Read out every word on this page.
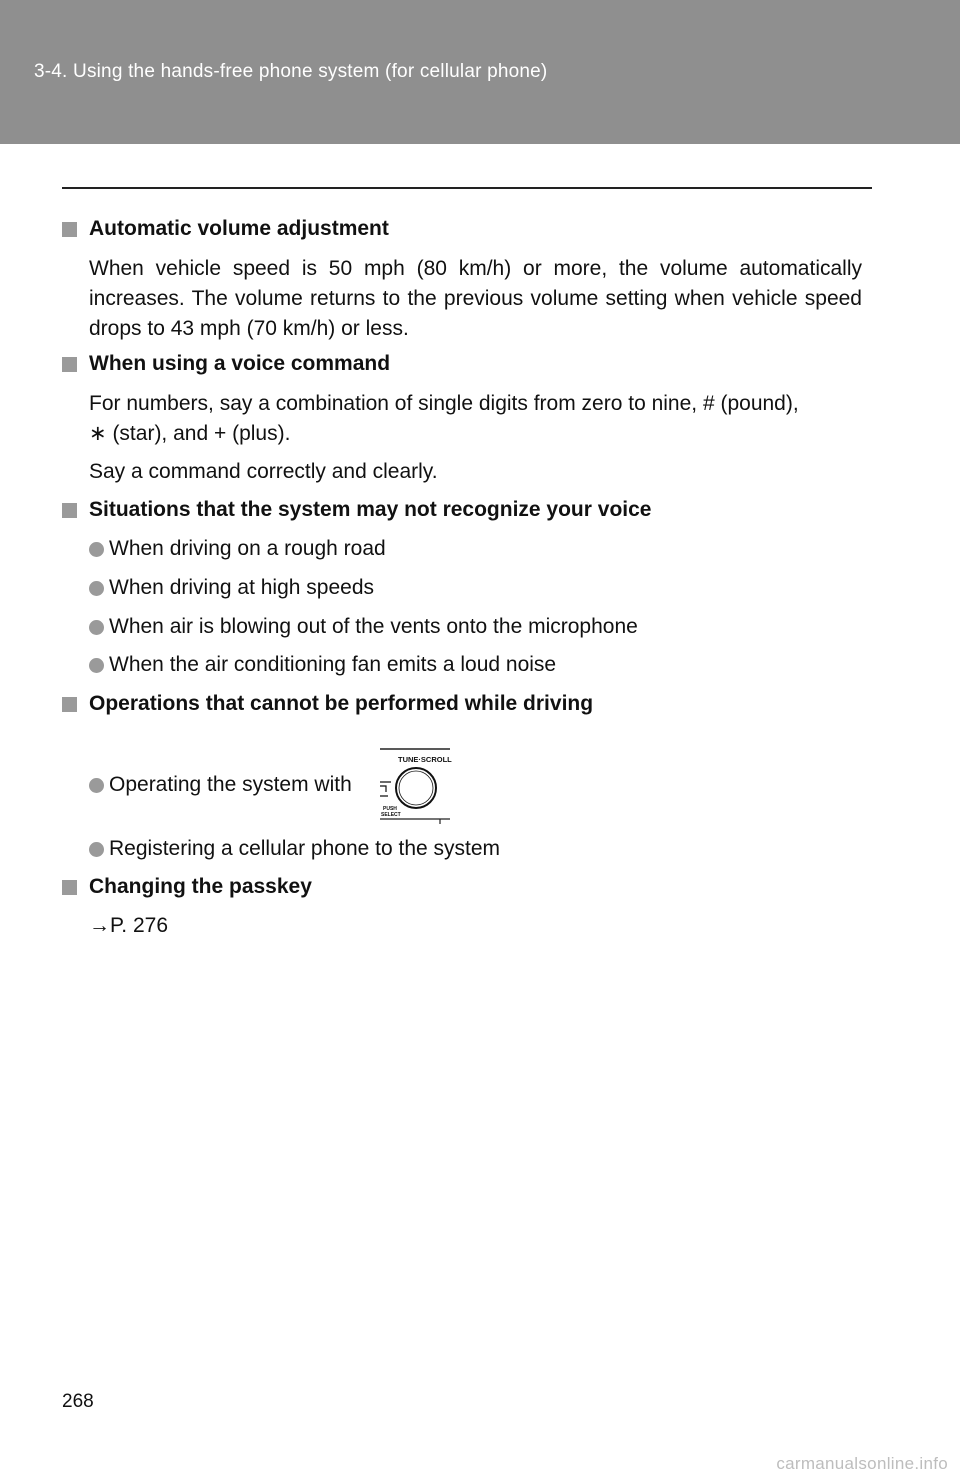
3-4. Using the hands-free phone system (for cellular phone)
Automatic volume adjustment
When vehicle speed is 50 mph (80 km/h) or more, the volume automatically increases. The volume returns to the previous volume setting when vehicle speed drops to 43 mph (70 km/h) or less.
When using a voice command
For numbers, say a combination of single digits from zero to nine, # (pound),
∗ (star), and + (plus).
Say a command correctly and clearly.
Situations that the system may not recognize your voice
When driving on a rough road
When driving at high speeds
When air is blowing out of the vents onto the microphone
When the air conditioning fan emits a loud noise
Operations that cannot be performed while driving
Operating the system with
TUNE·SCROLL
PUSH
SELECT
Registering a cellular phone to the system
Changing the passkey
→P. 276
268
carmanualsonline.info
